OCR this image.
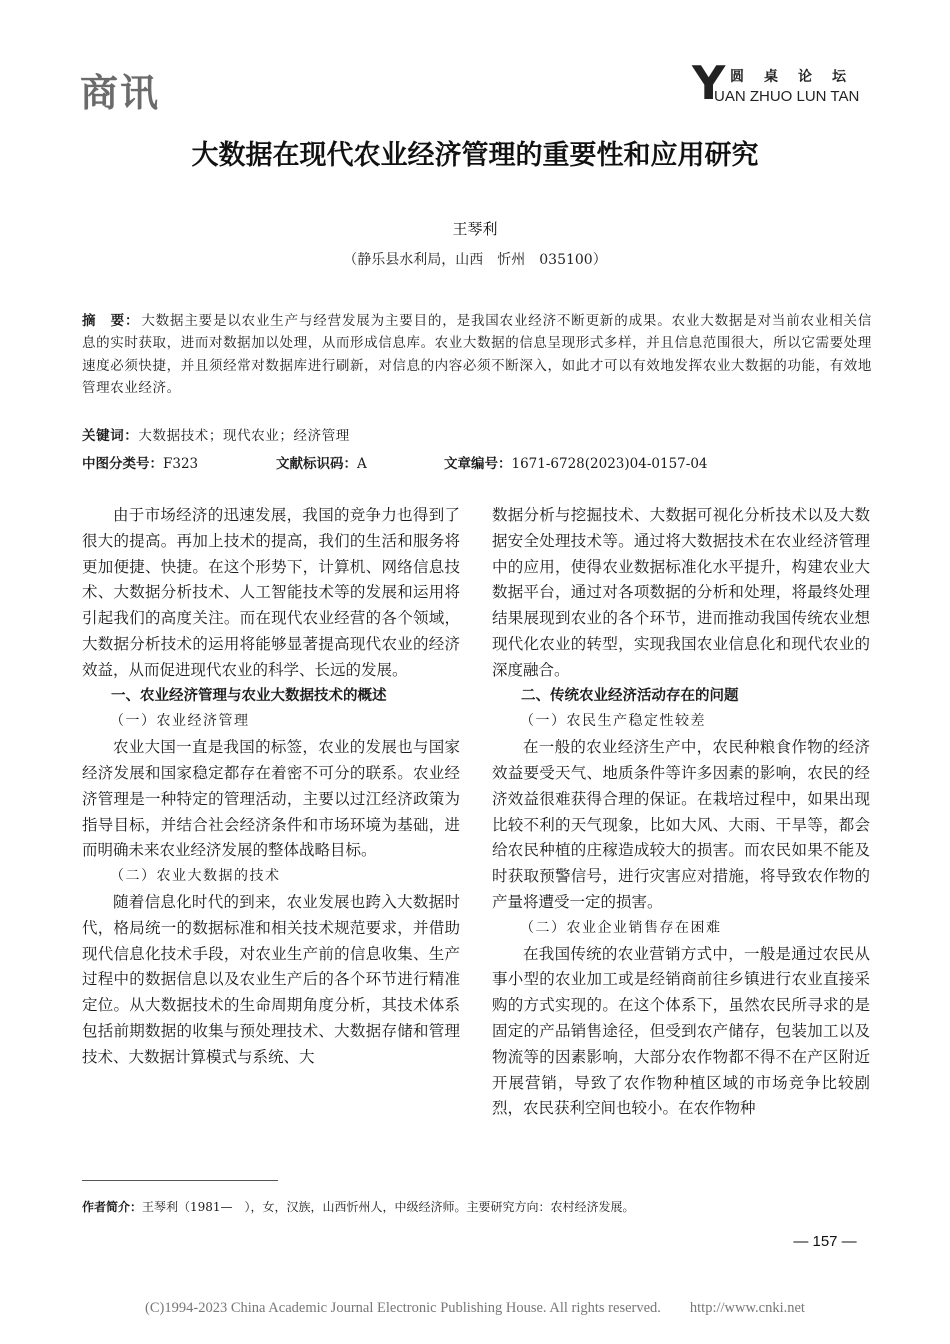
商讯	Y 圆桌论坛
UAN ZHUO LUN TAN
大数据在现代农业经济管理的重要性和应用研究
王琴利
（静乐县水利局，山西　忻州　035100）
摘　要： 大数据主要是以农业生产与经营发展为主要目的，是我国农业经济不断更新的成果。农业大数据是对当前农业相关信息的实时获取，进而对数据加以处理，从而形成信息库。农业大数据的信息呈现形式多样，并且信息范围很大，所以它需要处理速度必须快捷，并且须经常对数据库进行刷新，对信息的内容必须不断深入，如此才可以有效地发挥农业大数据的功能，有效地管理农业经济。
关键词：大数据技术；现代农业；经济管理
中图分类号：F323	文献标识码：A	文章编号：1671-6728(2023)04-0157-04

由于市场经济的迅速发展，我国的竞争力也得到了很大的提高。再加上技术的提高，我们的生活和服务将更加便捷、快捷。在这个形势下，计算机、网络信息技术、大数据分析技术、人工智能技术等的发展和运用将引起我们的高度关注。而在现代农业经营的各个领域，大数据分析技术的运用将能够显著提高现代农业的经济效益，从而促进现代农业的科学、长远的发展。

一、农业经济管理与农业大数据技术的概述
（一）农业经济管理

农业大国一直是我国的标签，农业的发展也与国家经济发展和国家稳定都存在着密不可分的联系。农业经济管理是一种特定的管理活动，主要以过江经济政策为指导目标，并结合社会经济条件和市场环境为基础，进而明确未来农业经济发展的整体战略目标。

（二）农业大数据的技术

随着信息化时代的到来，农业发展也跨入大数据时代，格局统一的数据标准和相关技术规范要求，并借助现代信息化技术手段，对农业生产前的信息收集、生产过程中的数据信息以及农业生产后的各个环节进行精准定位。从大数据技术的生命周期角度分析，其技术体系包括前期数据的收集与预处理技术、大数据存储和管理技术、大数据计算模式与系统、大

数据分析与挖掘技术、大数据可视化分析技术以及大数据安全处理技术等。通过将大数据技术在农业经济管理中的应用，使得农业数据标准化水平提升，构建农业大数据平台，通过对各项数据的分析和处理，将最终处理结果展现到农业的各个环节，进而推动我国传统农业想现代化农业的转型，实现我国农业信息化和现代农业的深度融合。

二、传统农业经济活动存在的问题
（一）农民生产稳定性较差

在一般的农业经济生产中，农民种粮食作物的经济效益要受天气、地质条件等许多因素的影响，农民的经济效益很难获得合理的保证。在栽培过程中，如果出现比较不利的天气现象，比如大风、大雨、干旱等，都会给农民种植的庄稼造成较大的损害。而农民如果不能及时获取预警信号，进行灾害应对措施，将导致农作物的产量将遭受一定的损害。

（二）农业企业销售存在困难

在我国传统的农业营销方式中，一般是通过农民从事小型的农业加工或是经销商前往乡镇进行农业直接采购的方式实现的。在这个体系下，虽然农民所寻求的是固定的产品销售途径，但受到农产储存，包装加工以及物流等的因素影响，大部分农作物都不得不在产区附近开展营销，导致了农作物种植区域的市场竞争比较剧烈，农民获利空间也较小。在农作物种

作者简介：王琴利（1981—　），女，汉族，山西忻州人，中级经济师。主要研究方向：农村经济发展。
— 157 —
(C)1994-2023 China Academic Journal Electronic Publishing House. All rights reserved.　　http://www.cnki.net
